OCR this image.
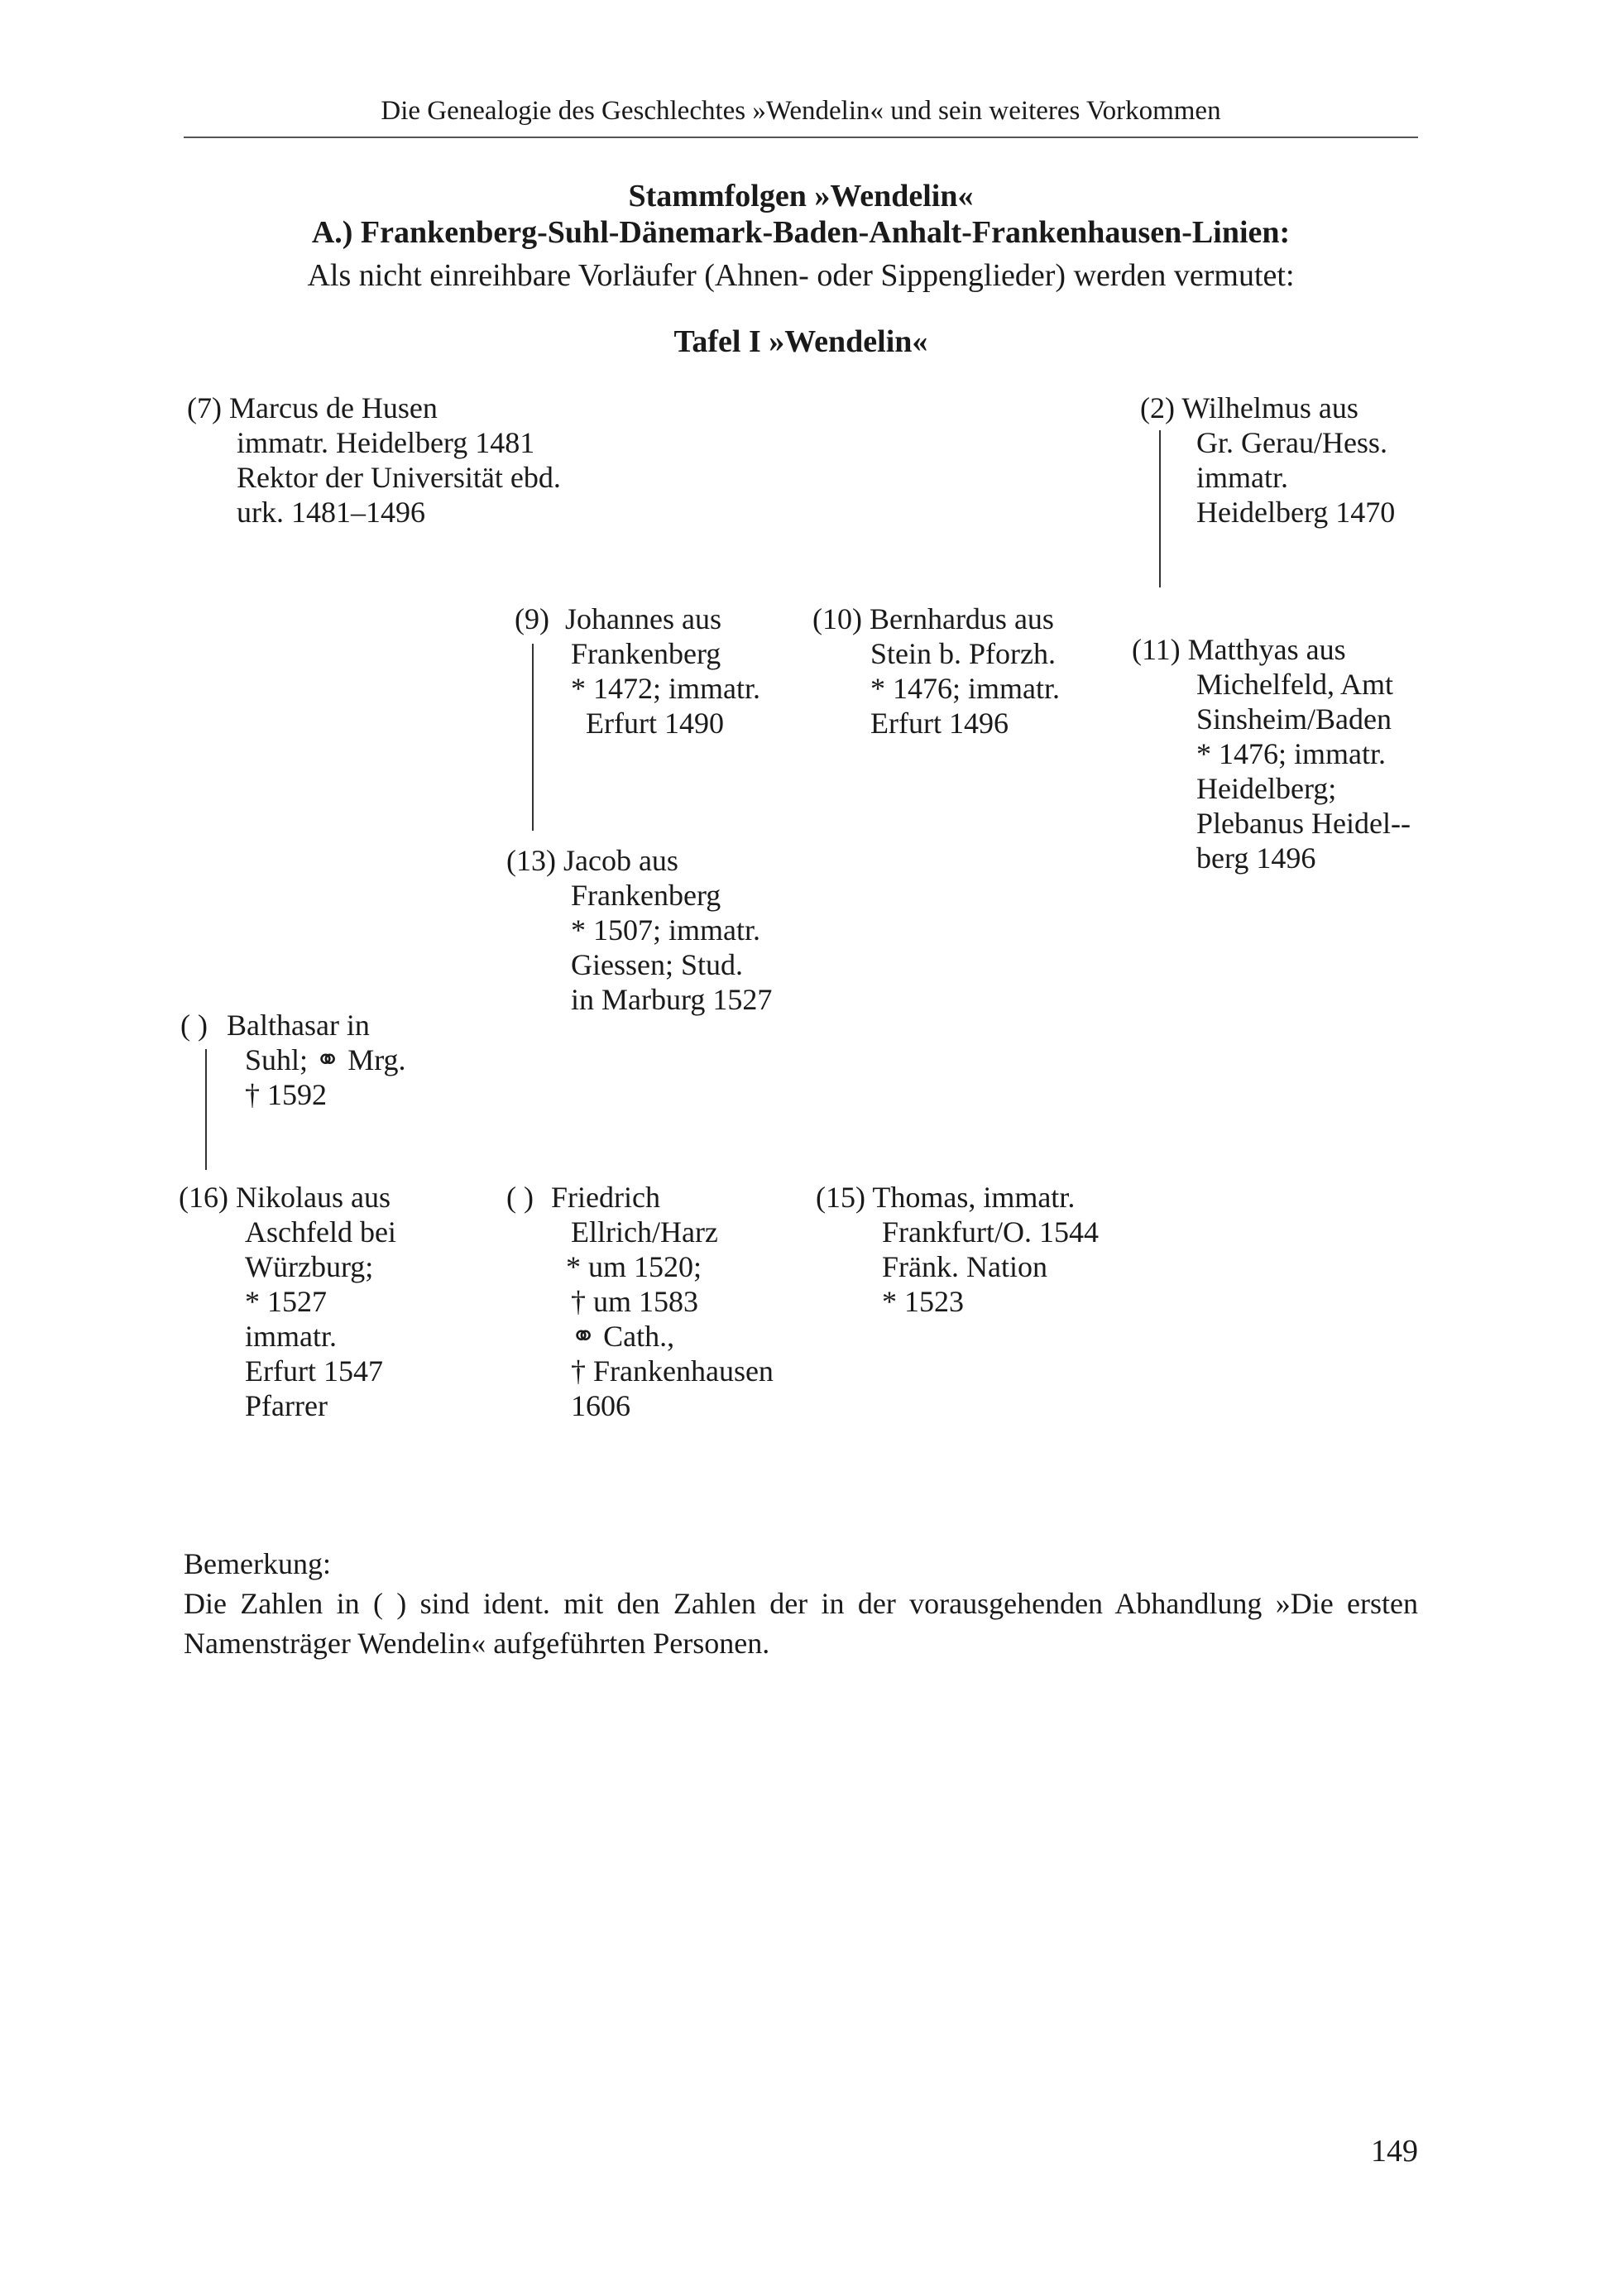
Die Genealogie des Geschlechtes »Wendelin« und sein weiteres Vorkommen
Stammfolgen »Wendelin«
A.) Frankenberg-Suhl-Dänemark-Baden-Anhalt-Frankenhausen-Linien:
Als nicht einreihbare Vorläufer (Ahnen- oder Sippenglieder) werden vermutet:
Tafel I »Wendelin«
(7) Marcus de Husen
immatr. Heidelberg 1481
Rektor der Universität ebd.
urk. 1481–1496
(2) Wilhelmus aus
Gr. Gerau/Hess.
immatr.
Heidelberg 1470
(9) Johannes aus
Frankenberg
* 1472; immatr.
Erfurt 1490
(10) Bernhardus aus
Stein b. Pforzh.
* 1476; immatr.
Erfurt 1496
(11) Matthyas aus
Michelfeld, Amt
Sinsheim/Baden
* 1476; immatr.
Heidelberg;
Plebanus Heidel--
berg 1496
(13) Jacob aus
Frankenberg
* 1507; immatr.
Giessen; Stud.
in Marburg 1527
( ) Balthasar in
Suhl; ⚭ Mrg.
† 1592
(16) Nikolaus aus
Aschfeld bei
Würzburg;
* 1527
immatr.
Erfurt 1547
Pfarrer
( ) Friedrich
Ellrich/Harz
* um 1520;
† um 1583
⚭ Cath.,
† Frankenhausen
1606
(15) Thomas, immatr.
Frankfurt/O. 1544
Fränk. Nation
* 1523

Bemerkung:

Die Zahlen in ( ) sind ident. mit den Zahlen der in der vorausgehenden Abhandlung »Die ersten Namensträger Wendelin« aufgeführten Personen.

149
